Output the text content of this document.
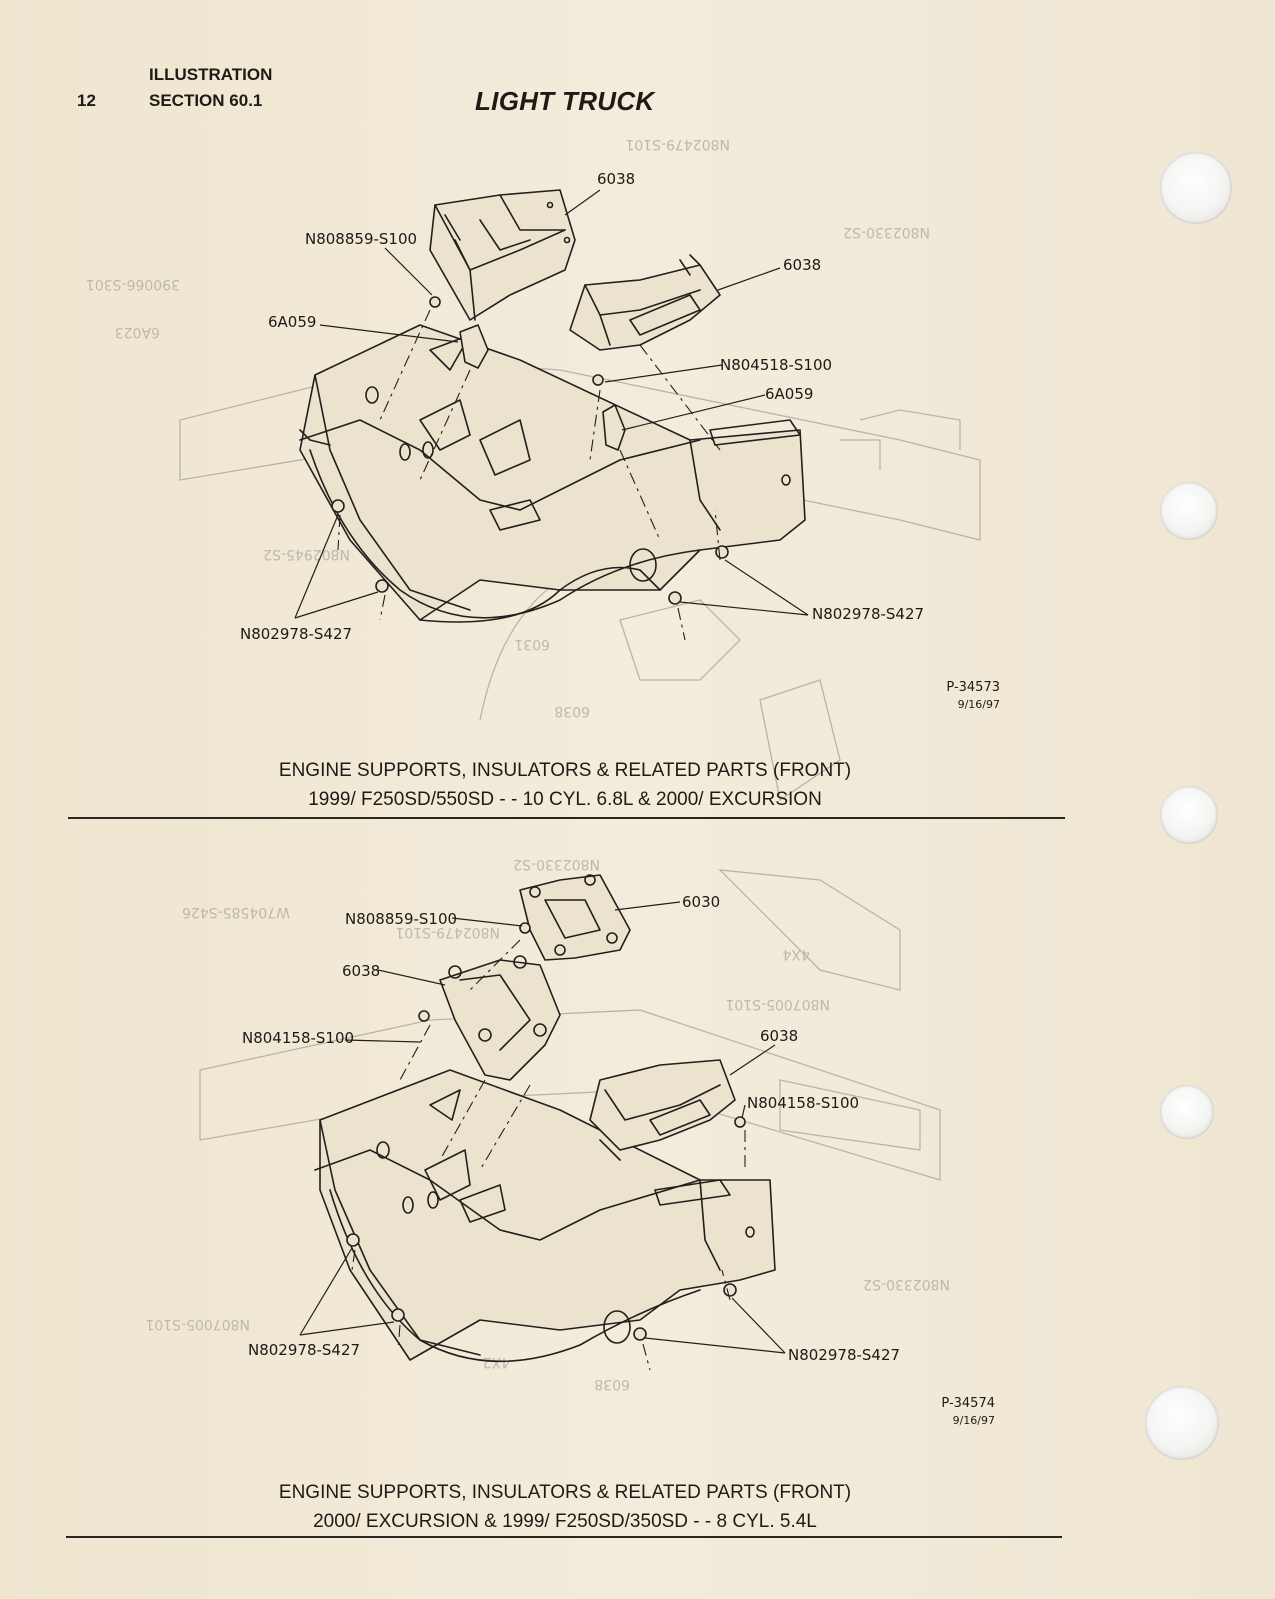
12
ILLUSTRATION
SECTION 60.1	LIGHT TRUCK
N802479-S101
N802330-S2
390066-S301
6A023
N802945-S2
6031
6038
6038
N808859-S100
6038
6A059
N804518-S100
6A059
N802978-S427
N802978-S427
P-34573
9/16/97
ENGINE SUPPORTS, INSULATORS & RELATED PARTS (FRONT)
1999/ F250SD/550SD - - 10 CYL. 6.8L & 2000/ EXCURSION
N802330-S2
W704585-S426
N802479-S101
4X4
N807005-S101
N802330-S2
N807005-S101
4X2
6038
6030
N808859-S100
6038
N804158-S100	6038
N804158-S100
N802978-S427	N802978-S427
P-34574
9/16/97
ENGINE SUPPORTS, INSULATORS & RELATED PARTS (FRONT)
2000/ EXCURSION & 1999/ F250SD/350SD - - 8 CYL. 5.4L
